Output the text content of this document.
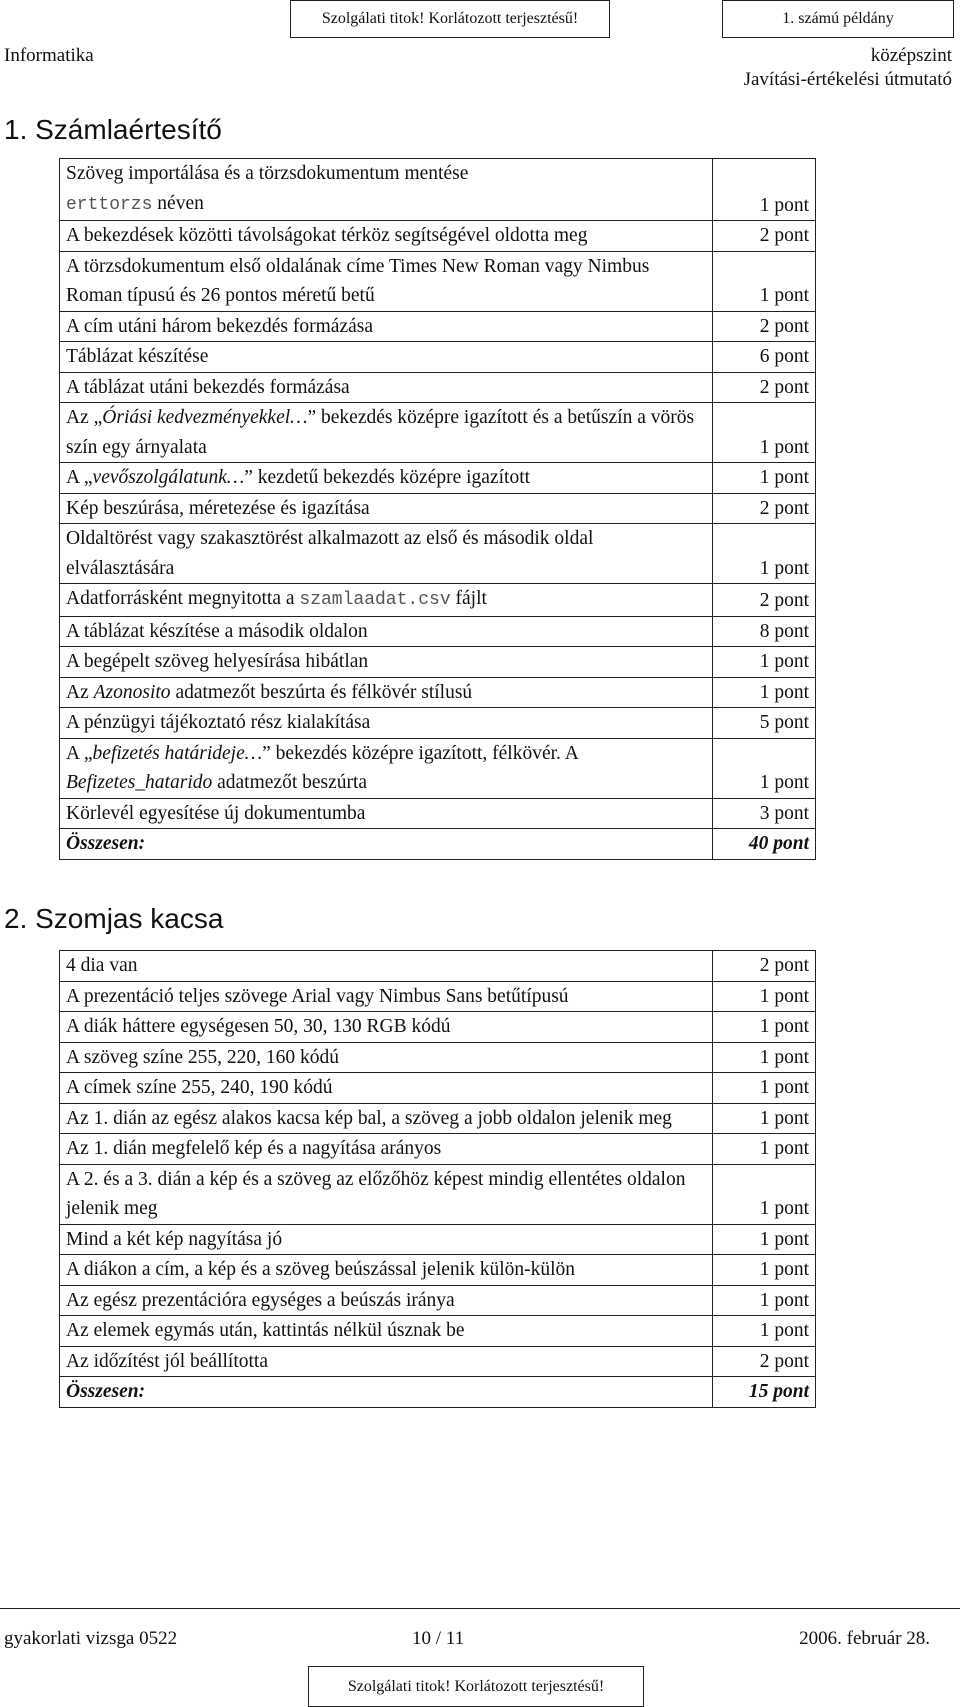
Szolgálati titok! Korlátozott terjesztésű!	1. számú példány
Informatika	középszint
Javítási-értékelési útmutató
1. Számlaértesítő
Szöveg importálása és a törzsdokumentum mentése
erttorzs néven	1 pont
A bekezdések közötti távolságokat térköz segítségével oldotta meg	2 pont
A törzsdokumentum első oldalának címe Times New Roman vagy Nimbus Roman típusú és 26 pontos méretű betű	1 pont
A cím utáni három bekezdés formázása	2 pont
Táblázat készítése	6 pont
A táblázat utáni bekezdés formázása	2 pont
Az „Óriási kedvezményekkel…” bekezdés középre igazított és a betűszín a vörös szín egy árnyalata	1 pont
A „vevőszolgálatunk…” kezdetű bekezdés középre igazított	1 pont
Kép beszúrása, méretezése és igazítása	2 pont
Oldaltörést vagy szakasztörést alkalmazott az első és második oldal elválasztására	1 pont
Adatforrásként megnyitotta a szamlaadat.csv fájlt	2 pont
A táblázat készítése a második oldalon	8 pont
A begépelt szöveg helyesírása hibátlan	1 pont
Az Azonosito adatmezőt beszúrta és félkövér stílusú	1 pont
A pénzügyi tájékoztató rész kialakítása	5 pont
A „befizetés határideje…” bekezdés középre igazított, félkövér. A Befizetes_hatarido adatmezőt beszúrta	1 pont
Körlevél egyesítése új dokumentumba	3 pont
Összesen:	40 pont
2. Szomjas kacsa
4 dia van	2 pont
A prezentáció teljes szövege Arial vagy Nimbus Sans betűtípusú	1 pont
A diák háttere egységesen 50, 30, 130 RGB kódú	1 pont
A szöveg színe 255, 220, 160 kódú	1 pont
A címek színe 255, 240, 190 kódú	1 pont
Az 1. dián az egész alakos kacsa kép bal, a szöveg a jobb oldalon jelenik meg	1 pont
Az 1. dián megfelelő kép és a nagyítása arányos	1 pont
A 2. és a 3. dián a kép és a szöveg az előzőhöz képest mindig ellentétes oldalon jelenik meg	1 pont
Mind a két kép nagyítása jó	1 pont
A diákon a cím, a kép és a szöveg beúszással jelenik külön-külön	1 pont
Az egész prezentációra egységes a beúszás iránya	1 pont
Az elemek egymás után, kattintás nélkül úsznak be	1 pont
Az időzítést jól beállította	2 pont
Összesen:	15 pont
gyakorlati vizsga 0522	10 / 11	2006. február 28.
Szolgálati titok! Korlátozott terjesztésű!
